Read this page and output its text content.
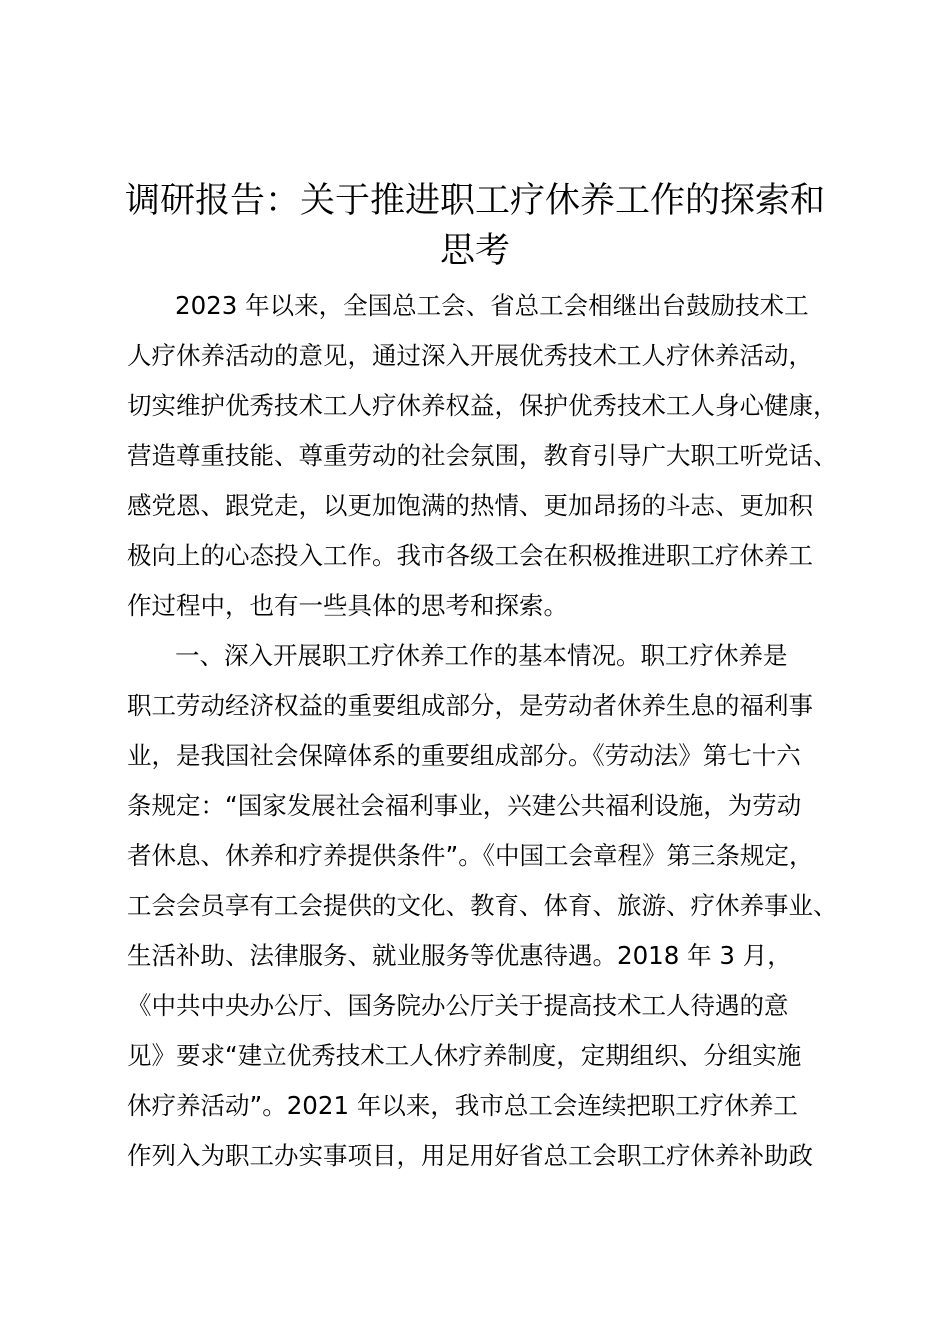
调研报告：关于推进职工疗休养工作的探索和
思考

2023 年以来，全国总工会、省总工会相继出台鼓励技术工

人疗休养活动的意见，通过深入开展优秀技术工人疗休养活动，

切实维护优秀技术工人疗休养权益，保护优秀技术工人身心健康，

营造尊重技能、尊重劳动的社会氛围，教育引导广大职工听党话、

感党恩、跟党走，以更加饱满的热情、更加昂扬的斗志、更加积

极向上的心态投入工作。我市各级工会在积极推进职工疗休养工

作过程中，也有一些具体的思考和探索。

一、深入开展职工疗休养工作的基本情况。职工疗休养是

职工劳动经济权益的重要组成部分，是劳动者休养生息的福利事

业，是我国社会保障体系的重要组成部分。《劳动法》第七十六

条规定：“国家发展社会福利事业，兴建公共福利设施，为劳动

者休息、休养和疗养提供条件”。《中国工会章程》第三条规定，

工会会员享有工会提供的文化、教育、体育、旅游、疗休养事业、

生活补助、法律服务、就业服务等优惠待遇。2018 年 3 月，

《中共中央办公厅、国务院办公厅关于提高技术工人待遇的意

见》要求“建立优秀技术工人休疗养制度，定期组织、分组实施

休疗养活动”。2021 年以来，我市总工会连续把职工疗休养工

作列入为职工办实事项目，用足用好省总工会职工疗休养补助政
